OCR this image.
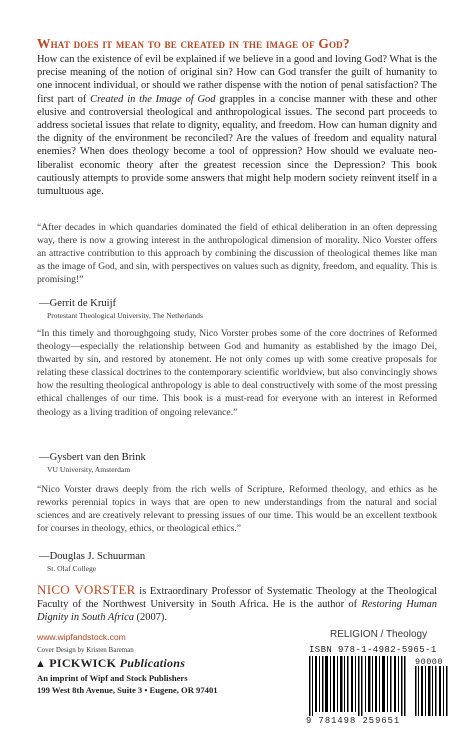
What does it mean to be created in the image of God?
How can the existence of evil be explained if we believe in a good and loving God? What is the precise meaning of the notion of original sin? How can God transfer the guilt of humanity to one innocent individual, or should we rather dispense with the notion of penal satisfaction? The first part of Created in the Image of God grapples in a concise manner with these and other elusive and controversial theological and anthropological issues. The second part proceeds to address societal issues that relate to dignity, equality, and freedom. How can human dignity and the dignity of the environment be reconciled? Are the values of freedom and equality natural enemies? When does theology become a tool of oppression? How should we evaluate neo-liberalist economic theory after the greatest recession since the Depression? This book cautiously attempts to provide some answers that might help modern society reinvent itself in a tumultuous age.
“After decades in which quandaries dominated the field of ethical deliberation in an often depressing way, there is now a growing interest in the anthropological dimension of morality. Nico Vorster offers an attractive contribution to this approach by combining the discussion of theological themes like man as the image of God, and sin, with perspectives on values such as dignity, freedom, and equality. This is promising!”
—Gerrit de Kruijf
Protestant Theological University, The Netherlands
“In this timely and thoroughgoing study, Nico Vorster probes some of the core doctrines of Reformed theology—especially the relationship between God and humanity as established by the imago Dei, thwarted by sin, and restored by atonement. He not only comes up with some creative proposals for relating these classical doctrines to the contemporary scientific worldview, but also convincingly shows how the resulting theological anthropology is able to deal constructively with some of the most pressing ethical challenges of our time. This book is a must-read for everyone with an interest in Reformed theology as a living tradition of ongoing relevance.”
—Gysbert van den Brink
VU University, Amsterdam
“Nico Vorster draws deeply from the rich wells of Scripture, Reformed theology, and ethics as he reworks perennial topics in ways that are open to new understandings from the natural and social sciences and are creatively relevant to pressing issues of our time. This would be an excellent textbook for courses in theology, ethics, or theological ethics.”
—Douglas J. Schuurman
St. Olaf College
NICO VORSTER is Extraordinary Professor of Systematic Theology at the Theological Faculty of the Northwest University in South Africa. He is the author of Restoring Human Dignity in South Africa (2007).
www.wipfandstock.com
Cover Design by Kristen Bareman
▲ PICKWICK Publications
An imprint of Wipf and Stock Publishers
199 West 8th Avenue, Suite 3 • Eugene, OR 97401
RELIGION / Theology
ISBN 978-1-4982-5965-1
90000
9 781498 259651
